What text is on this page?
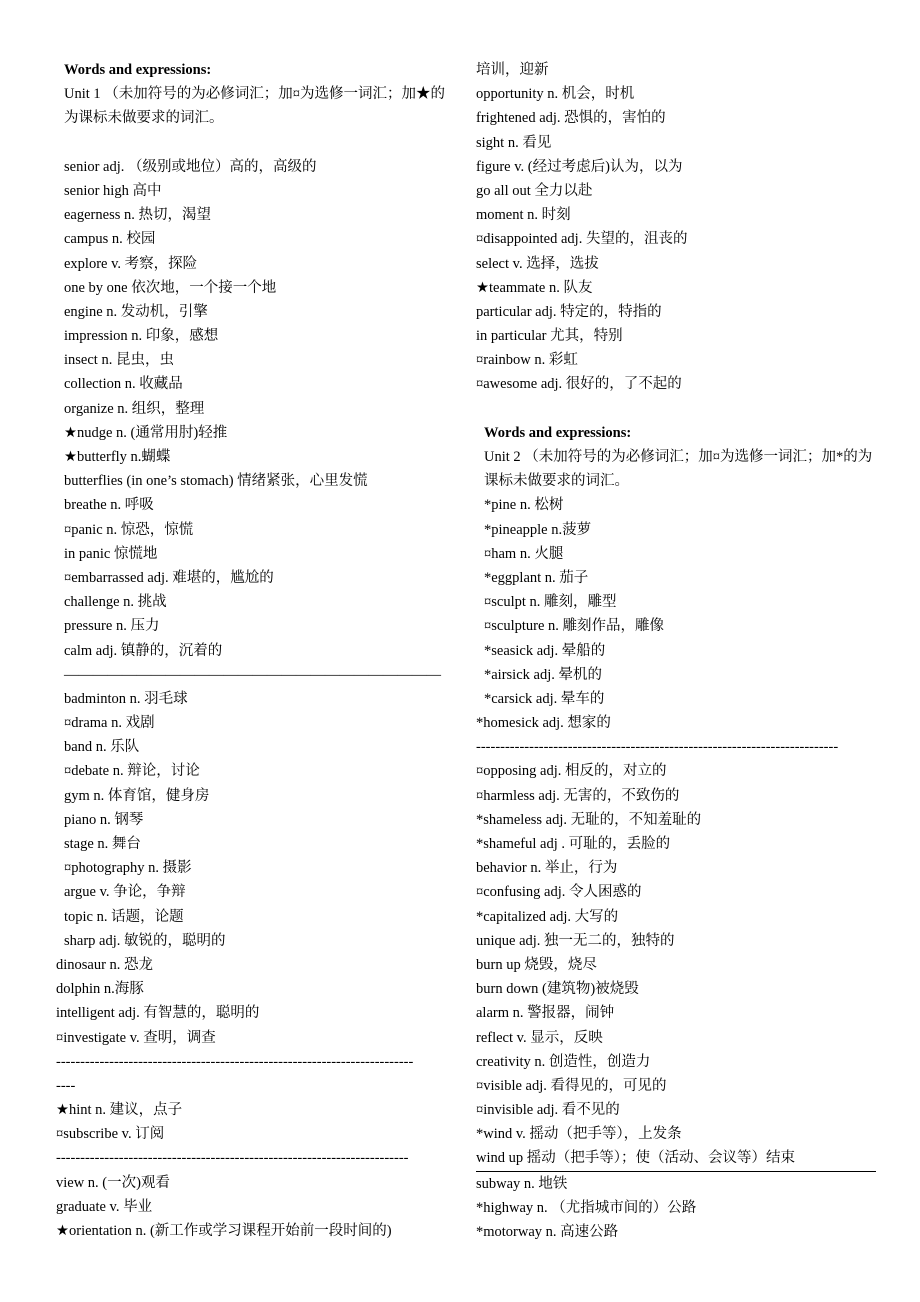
Words and expressions:
Unit 1 （未加符号的为必修词汇；加¤为选修一词汇；加★的为课标未做要求的词汇。
senior adj. （级别或地位）高的，高级的
senior high 高中
eagerness n. 热切，渴望
campus n. 校园
explore v. 考察，探险
one by one 依次地，一个接一个地
engine n. 发动机，引擎
impression n. 印象，感想
insect n. 昆虫，虫
collection n. 收藏品
organize n. 组织，整理
★nudge n. (通常用肘)轻推
★butterfly n.蝴蝶
butterflies (in one’s stomach) 情绪紧张，心里发慌
breathe n. 呼吸
¤panic n. 惊恐，惊慌
in panic 惊慌地
¤embarrassed adj. 难堪的，尴尬的
challenge n. 挑战
pressure n. 压力
calm adj. 镇静的，沉着的
——————————————————————————
badminton n. 羽毛球
¤drama n. 戏剧
band n. 乐队
¤debate n. 辩论，讨论
gym n. 体育馆，健身房
piano n. 钢琴
stage n. 舞台
¤photography n. 摄影
argue v. 争论，争辩
topic n. 话题，论题
sharp adj. 敏锐的，聪明的
dinosaur n. 恐龙
dolphin n.海豚
intelligent adj. 有智慧的，聪明的
¤investigate v. 查明，调查
--------------------------------------------------------------------------
----
★hint n. 建议，点子
¤subscribe v. 订阅
-------------------------------------------------------------------------
view n. (一次)观看
graduate v. 毕业
★orientation n. (新工作或学习课程开始前一段时间的)
培训，迎新
opportunity n. 机会，时机
frightened adj. 恐惧的，害怕的
sight n. 看见
figure v. (经过考虑后)认为，以为
go all out 全力以赴
moment n. 时刻
¤disappointed adj. 失望的，沮丧的
select v. 选择，选拔
★teammate n. 队友
particular adj. 特定的，特指的
in particular 尤其，特别
¤rainbow n. 彩虹
¤awesome adj. 很好的，了不起的
Words and expressions:
Unit 2 （未加符号的为必修词汇；加¤为选修一词汇；加*的为课标未做要求的词汇。
*pine n. 松树
*pineapple n.菠萝
¤ham n. 火腿
*eggplant n. 茄子
¤sculpt n. 雕刻，雕型
¤sculpture n. 雕刻作品，雕像
*seasick adj. 晕船的
*airsick adj. 晕机的
*carsick adj. 晕车的
*homesick adj. 想家的
---------------------------------------------------------------------------
¤opposing adj. 相反的，对立的
¤harmless adj. 无害的，不致伤的
*shameless adj. 无耻的，不知羞耻的
*shameful adj . 可耻的，丢脸的
behavior n. 举止，行为
¤confusing adj. 令人困惑的
*capitalized adj. 大写的
unique adj. 独一无二的，独特的
burn up 烧毁，烧尽
burn down (建筑物)被烧毁
alarm n. 警报器，闹钟
reflect v. 显示，反映
creativity n. 创造性，创造力
¤visible adj. 看得见的，可见的
¤invisible adj. 看不见的
*wind v. 摇动（把手等），上发条
wind up 摇动（把手等）；使（活动、会议等）结束
subway n. 地铁
*highway n. （尤指城市间的）公路
*motorway n. 高速公路
